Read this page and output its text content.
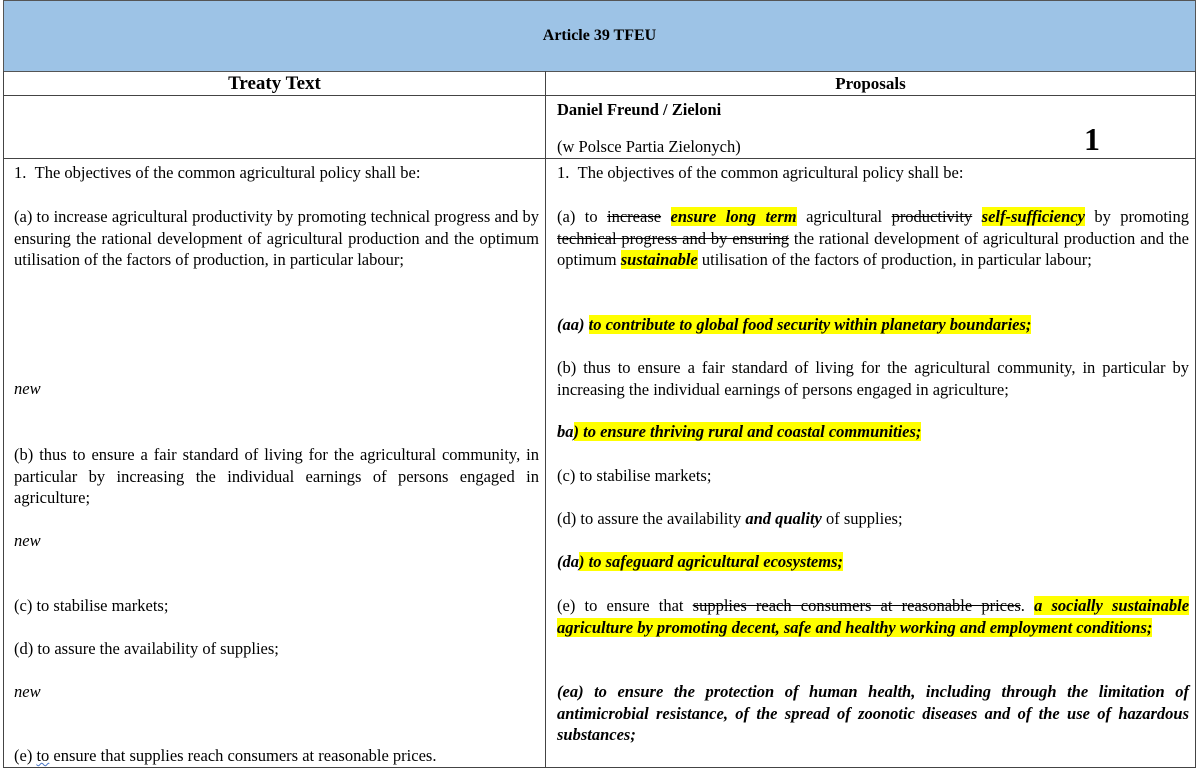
Article 39 TFEU
Treaty Text	Proposals
Daniel Freund / Zieloni
(w Polsce Partia Zielonych)	1
1.  The objectives of the common agricultural policy shall be:
(a) to increase agricultural productivity by promoting technical progress and by ensuring the rational development of agricultural production and the optimum utilisation of the factors of production, in particular labour;
new
(b) thus to ensure a fair standard of living for the agricultural community, in particular by increasing the individual earnings of persons engaged in agriculture;
new
(c) to stabilise markets;
(d) to assure the availability of supplies;
new
(e) to ensure that supplies reach consumers at reasonable prices.
1.  The objectives of the common agricultural policy shall be:
(a) to increase ensure long term agricultural productivity self-sufficiency by promoting technical progress and by ensuring the rational development of agricultural production and the optimum sustainable utilisation of the factors of production, in particular labour;
(aa) to contribute to global food security within planetary boundaries;
(b) thus to ensure a fair standard of living for the agricultural community, in particular by increasing the individual earnings of persons engaged in agriculture;
ba) to ensure thriving rural and coastal communities;
(c) to stabilise markets;
(d) to assure the availability and quality of supplies;
(da) to safeguard agricultural ecosystems;
(e) to ensure that supplies reach consumers at reasonable prices. a socially sustainable agriculture by promoting decent, safe and healthy working and employment conditions;
(ea) to ensure the protection of human health, including through the limitation of antimicrobial resistance, of the spread of zoonotic diseases and of the use of hazardous substances;
